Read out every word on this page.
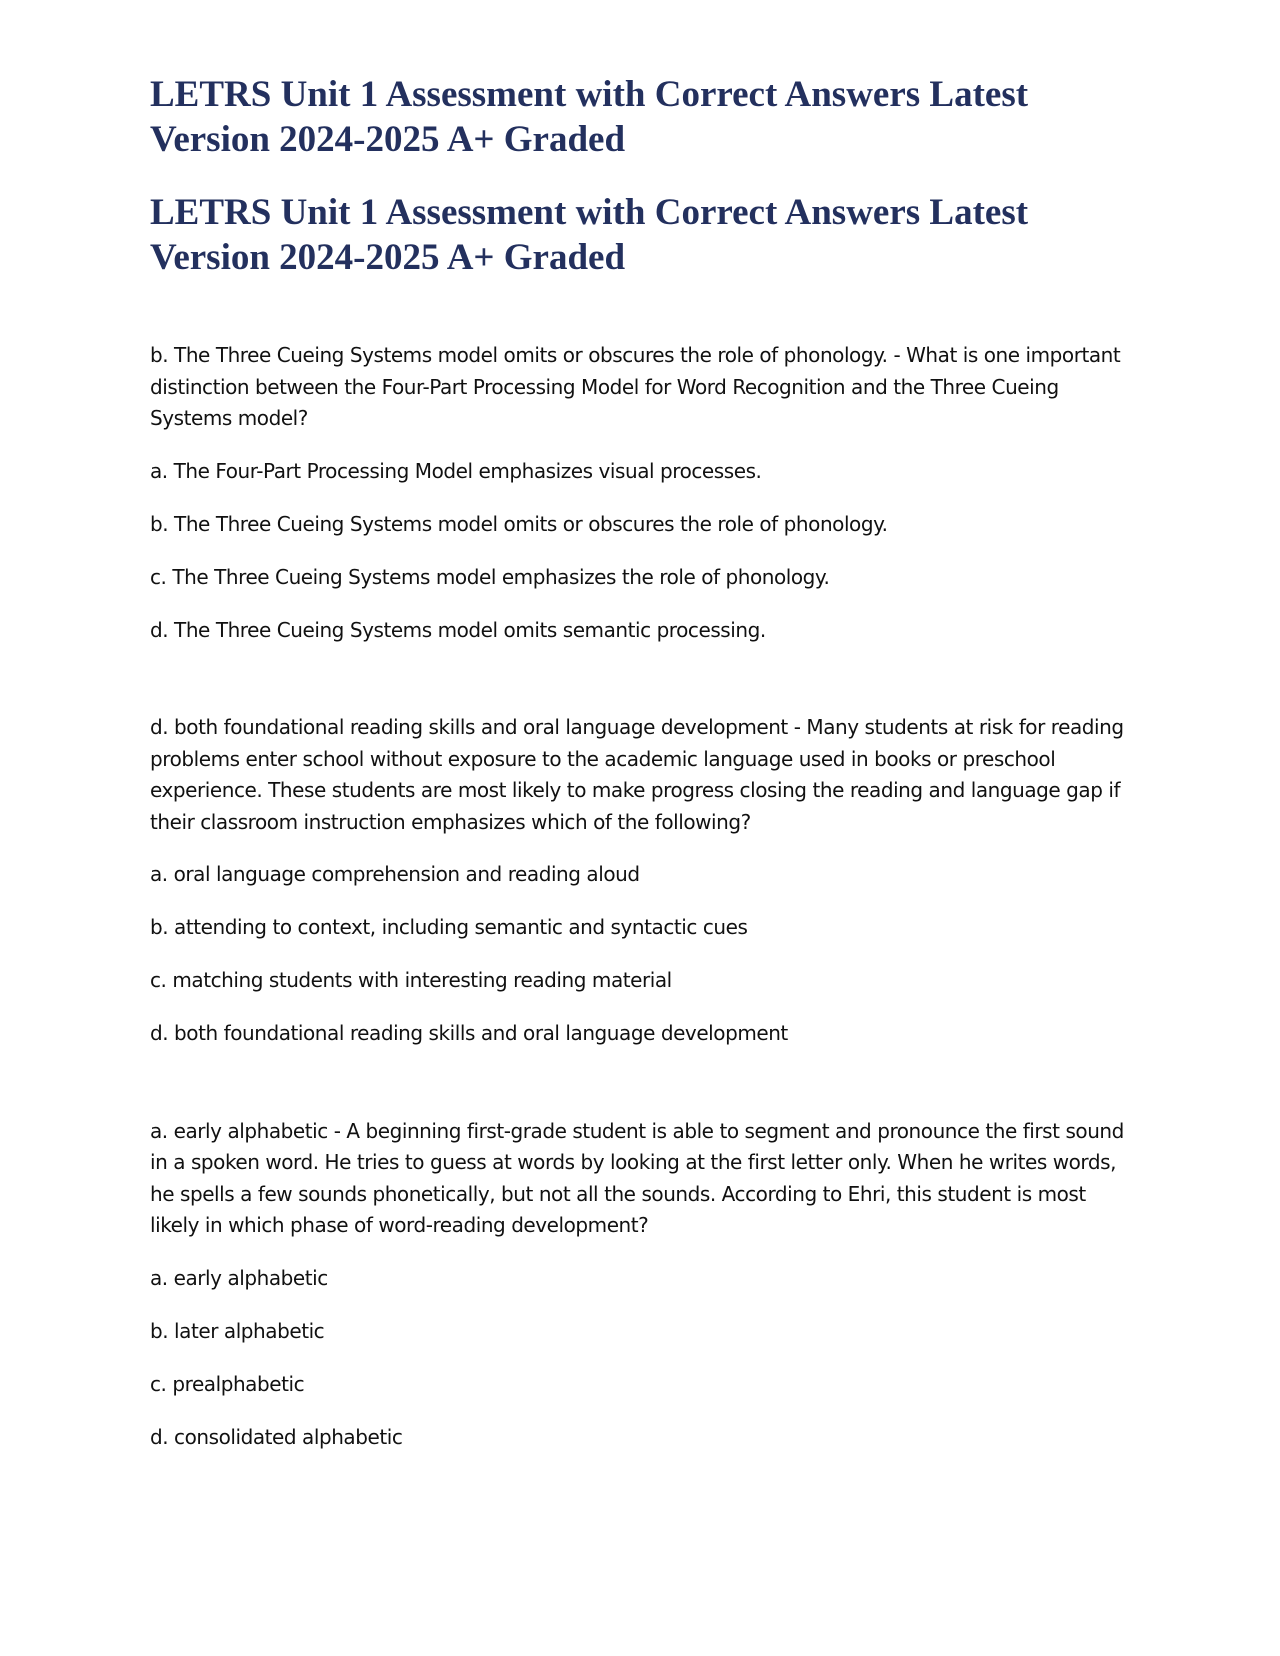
LETRS Unit 1 Assessment with Correct Answers Latest Version 2024-2025 A+ Graded
LETRS Unit 1 Assessment with Correct Answers Latest Version 2024-2025 A+ Graded

b. The Three Cueing Systems model omits or obscures the role of phonology. - What is one important distinction between the Four-Part Processing Model for Word Recognition and the Three Cueing Systems model?

a. The Four-Part Processing Model emphasizes visual processes.

b. The Three Cueing Systems model omits or obscures the role of phonology.

c. The Three Cueing Systems model emphasizes the role of phonology.

d. The Three Cueing Systems model omits semantic processing.

d. both foundational reading skills and oral language development - Many students at risk for reading problems enter school without exposure to the academic language used in books or preschool experience. These students are most likely to make progress closing the reading and language gap if their classroom instruction emphasizes which of the following?

a. oral language comprehension and reading aloud

b. attending to context, including semantic and syntactic cues

c. matching students with interesting reading material

d. both foundational reading skills and oral language development

a. early alphabetic - A beginning first-grade student is able to segment and pronounce the first sound in a spoken word. He tries to guess at words by looking at the first letter only. When he writes words, he spells a few sounds phonetically, but not all the sounds. According to Ehri, this student is most likely in which phase of word-reading development?

a. early alphabetic

b. later alphabetic

c. prealphabetic

d. consolidated alphabetic
